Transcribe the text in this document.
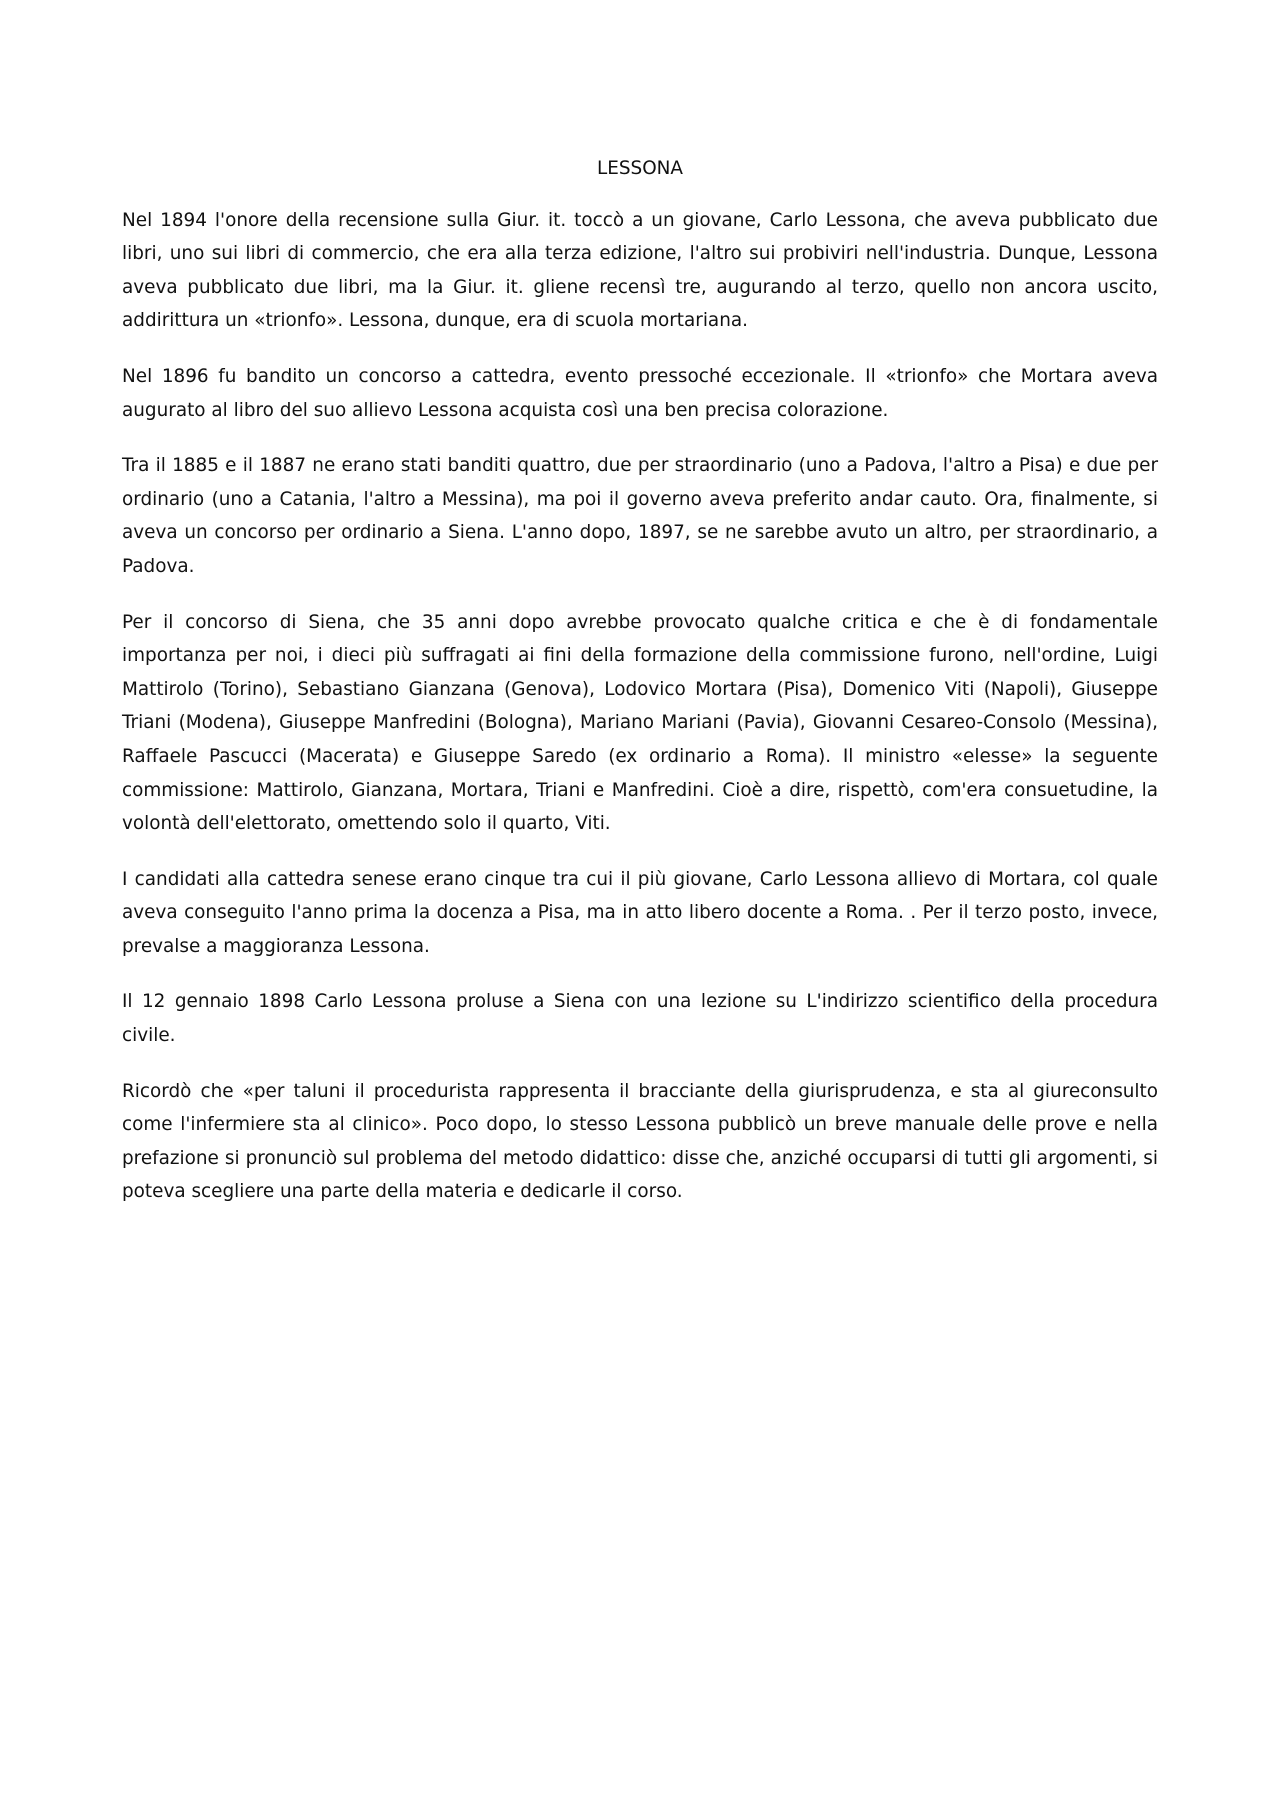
LESSONA

Nel 1894 l'onore della recensione sulla Giur. it. toccò a un giovane, Carlo Lessona, che aveva pubblicato due libri, uno sui libri di commercio, che era alla terza edizione, l'altro sui probiviri nell'industria. Dunque, Lessona aveva pubblicato due libri, ma la Giur. it. gliene recensì tre, augurando al terzo, quello non ancora uscito, addirittura un «trionfo». Lessona, dunque, era di scuola mortariana.

Nel 1896 fu bandito un concorso a cattedra, evento pressoché eccezionale. Il «trionfo» che Mortara aveva augurato al libro del suo allievo Lessona acquista così una ben precisa colorazione.

Tra il 1885 e il 1887 ne erano stati banditi quattro, due per straordinario (uno a Padova, l'altro a Pisa) e due per ordinario (uno a Catania, l'altro a Messina), ma poi il governo aveva preferito andar cauto. Ora, finalmente, si aveva un concorso per ordinario a Siena. L'anno dopo, 1897, se ne sarebbe avuto un altro, per straordinario, a Padova.

Per il concorso di Siena, che 35 anni dopo avrebbe provocato qualche critica e che è di fondamentale importanza per noi, i dieci più suffragati ai fini della formazione della commissione furono, nell'ordine, Luigi Mattirolo (Torino), Sebastiano Gianzana (Genova), Lodovico Mortara (Pisa), Domenico Viti (Napoli), Giuseppe Triani (Modena), Giuseppe Manfredini (Bologna), Mariano Mariani (Pavia), Giovanni Cesareo-Consolo (Messina), Raffaele Pascucci (Macerata) e Giuseppe Saredo (ex ordinario a Roma). Il ministro «elesse» la seguente commissione: Mattirolo, Gianzana, Mortara, Triani e Manfredini. Cioè a dire, rispettò, com'era consuetudine, la volontà dell'elettorato, omettendo solo il quarto, Viti.

I candidati alla cattedra senese erano cinque tra cui il più giovane, Carlo Lessona allievo di Mortara, col quale aveva conseguito l'anno prima la docenza a Pisa, ma in atto libero docente a Roma. . Per il terzo posto, invece, prevalse a maggioranza Lessona.

Il 12 gennaio 1898 Carlo Lessona proluse a Siena con una lezione su L'indirizzo scientifico della procedura civile.

Ricordò che «per taluni il procedurista rappresenta il bracciante della giurisprudenza, e sta al giureconsulto come l'infermiere sta al clinico». Poco dopo, lo stesso Lessona pubblicò un breve manuale delle prove e nella prefazione si pronunciò sul problema del metodo didattico: disse che, anziché occuparsi di tutti gli argomenti, si poteva scegliere una parte della materia e dedicarle il corso.
